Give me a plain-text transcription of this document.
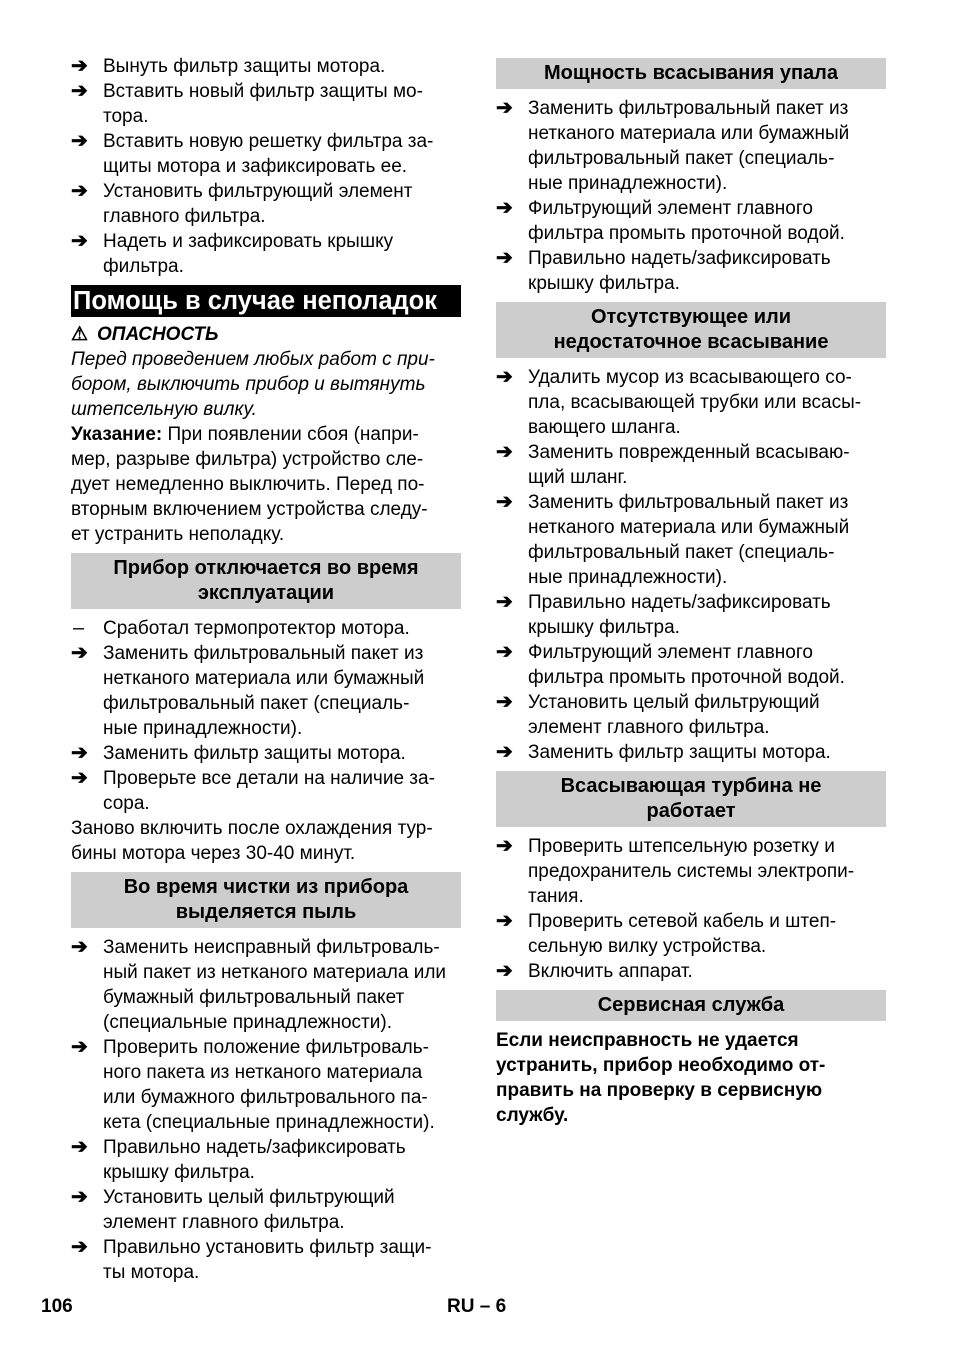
➔ Вынуть фильтр защиты мотора.
➔ Вставить новый фильтр защиты мо-
тора.
➔ Вставить новую решетку фильтра за-
щиты мотора и зафиксировать ее.
➔ Установить фильтрующий элемент
главного фильтра.
➔ Надеть и зафиксировать крышку
фильтра.
Помощь в случае неполадок
⚠ ОПАСНОСТЬ
Перед проведением любых работ с при-
бором, выключить прибор и вытянуть
штепсельную вилку.
Указание: При появлении сбоя (напри-
мер, разрыве фильтра) устройство сле-
дует немедленно выключить. Перед по-
вторным включением устройства следу-
ет устранить неполадку.
Прибор отключается во время
эксплуатации
– Сработал термопротектор мотора.
➔ Заменить фильтровальный пакет из
нетканого материала или бумажный
фильтровальный пакет (специаль-
ные принадлежности).
➔ Заменить фильтр защиты мотора.
➔ Проверьте все детали на наличие за-
сора.
Заново включить после охлаждения тур-
бины мотора через 30-40 минут.
Во время чистки из прибора
выделяется пыль
➔ Заменить неисправный фильтроваль-
ный пакет из нетканого материала или
бумажный фильтровальный пакет
(специальные принадлежности).
➔ Проверить положение фильтроваль-
ного пакета из нетканого материала
или бумажного фильтровального па-
кета (специальные принадлежности).
➔ Правильно надеть/зафиксировать
крышку фильтра.
➔ Установить целый фильтрующий
элемент главного фильтра.
➔ Правильно установить фильтр защи-
ты мотора.
Мощность всасывания упала
➔ Заменить фильтровальный пакет из
нетканого материала или бумажный
фильтровальный пакет (специаль-
ные принадлежности).
➔ Фильтрующий элемент главного
фильтра промыть проточной водой.
➔ Правильно надеть/зафиксировать
крышку фильтра.
Отсутствующее или
недостаточное всасывание
➔ Удалить мусор из всасывающего со-
пла, всасывающей трубки или всасы-
вающего шланга.
➔ Заменить поврежденный всасываю-
щий шланг.
➔ Заменить фильтровальный пакет из
нетканого материала или бумажный
фильтровальный пакет (специаль-
ные принадлежности).
➔ Правильно надеть/зафиксировать
крышку фильтра.
➔ Фильтрующий элемент главного
фильтра промыть проточной водой.
➔ Установить целый фильтрующий
элемент главного фильтра.
➔ Заменить фильтр защиты мотора.
Всасывающая турбина не
работает
➔ Проверить штепсельную розетку и
предохранитель системы электропи-
тания.
➔ Проверить сетевой кабель и штеп-
сельную вилку устройства.
➔ Включить аппарат.
Сервисная служба
Если неисправность не удается
устранить, прибор необходимо от-
править на проверку в сервисную
службу.
106	RU – 6
